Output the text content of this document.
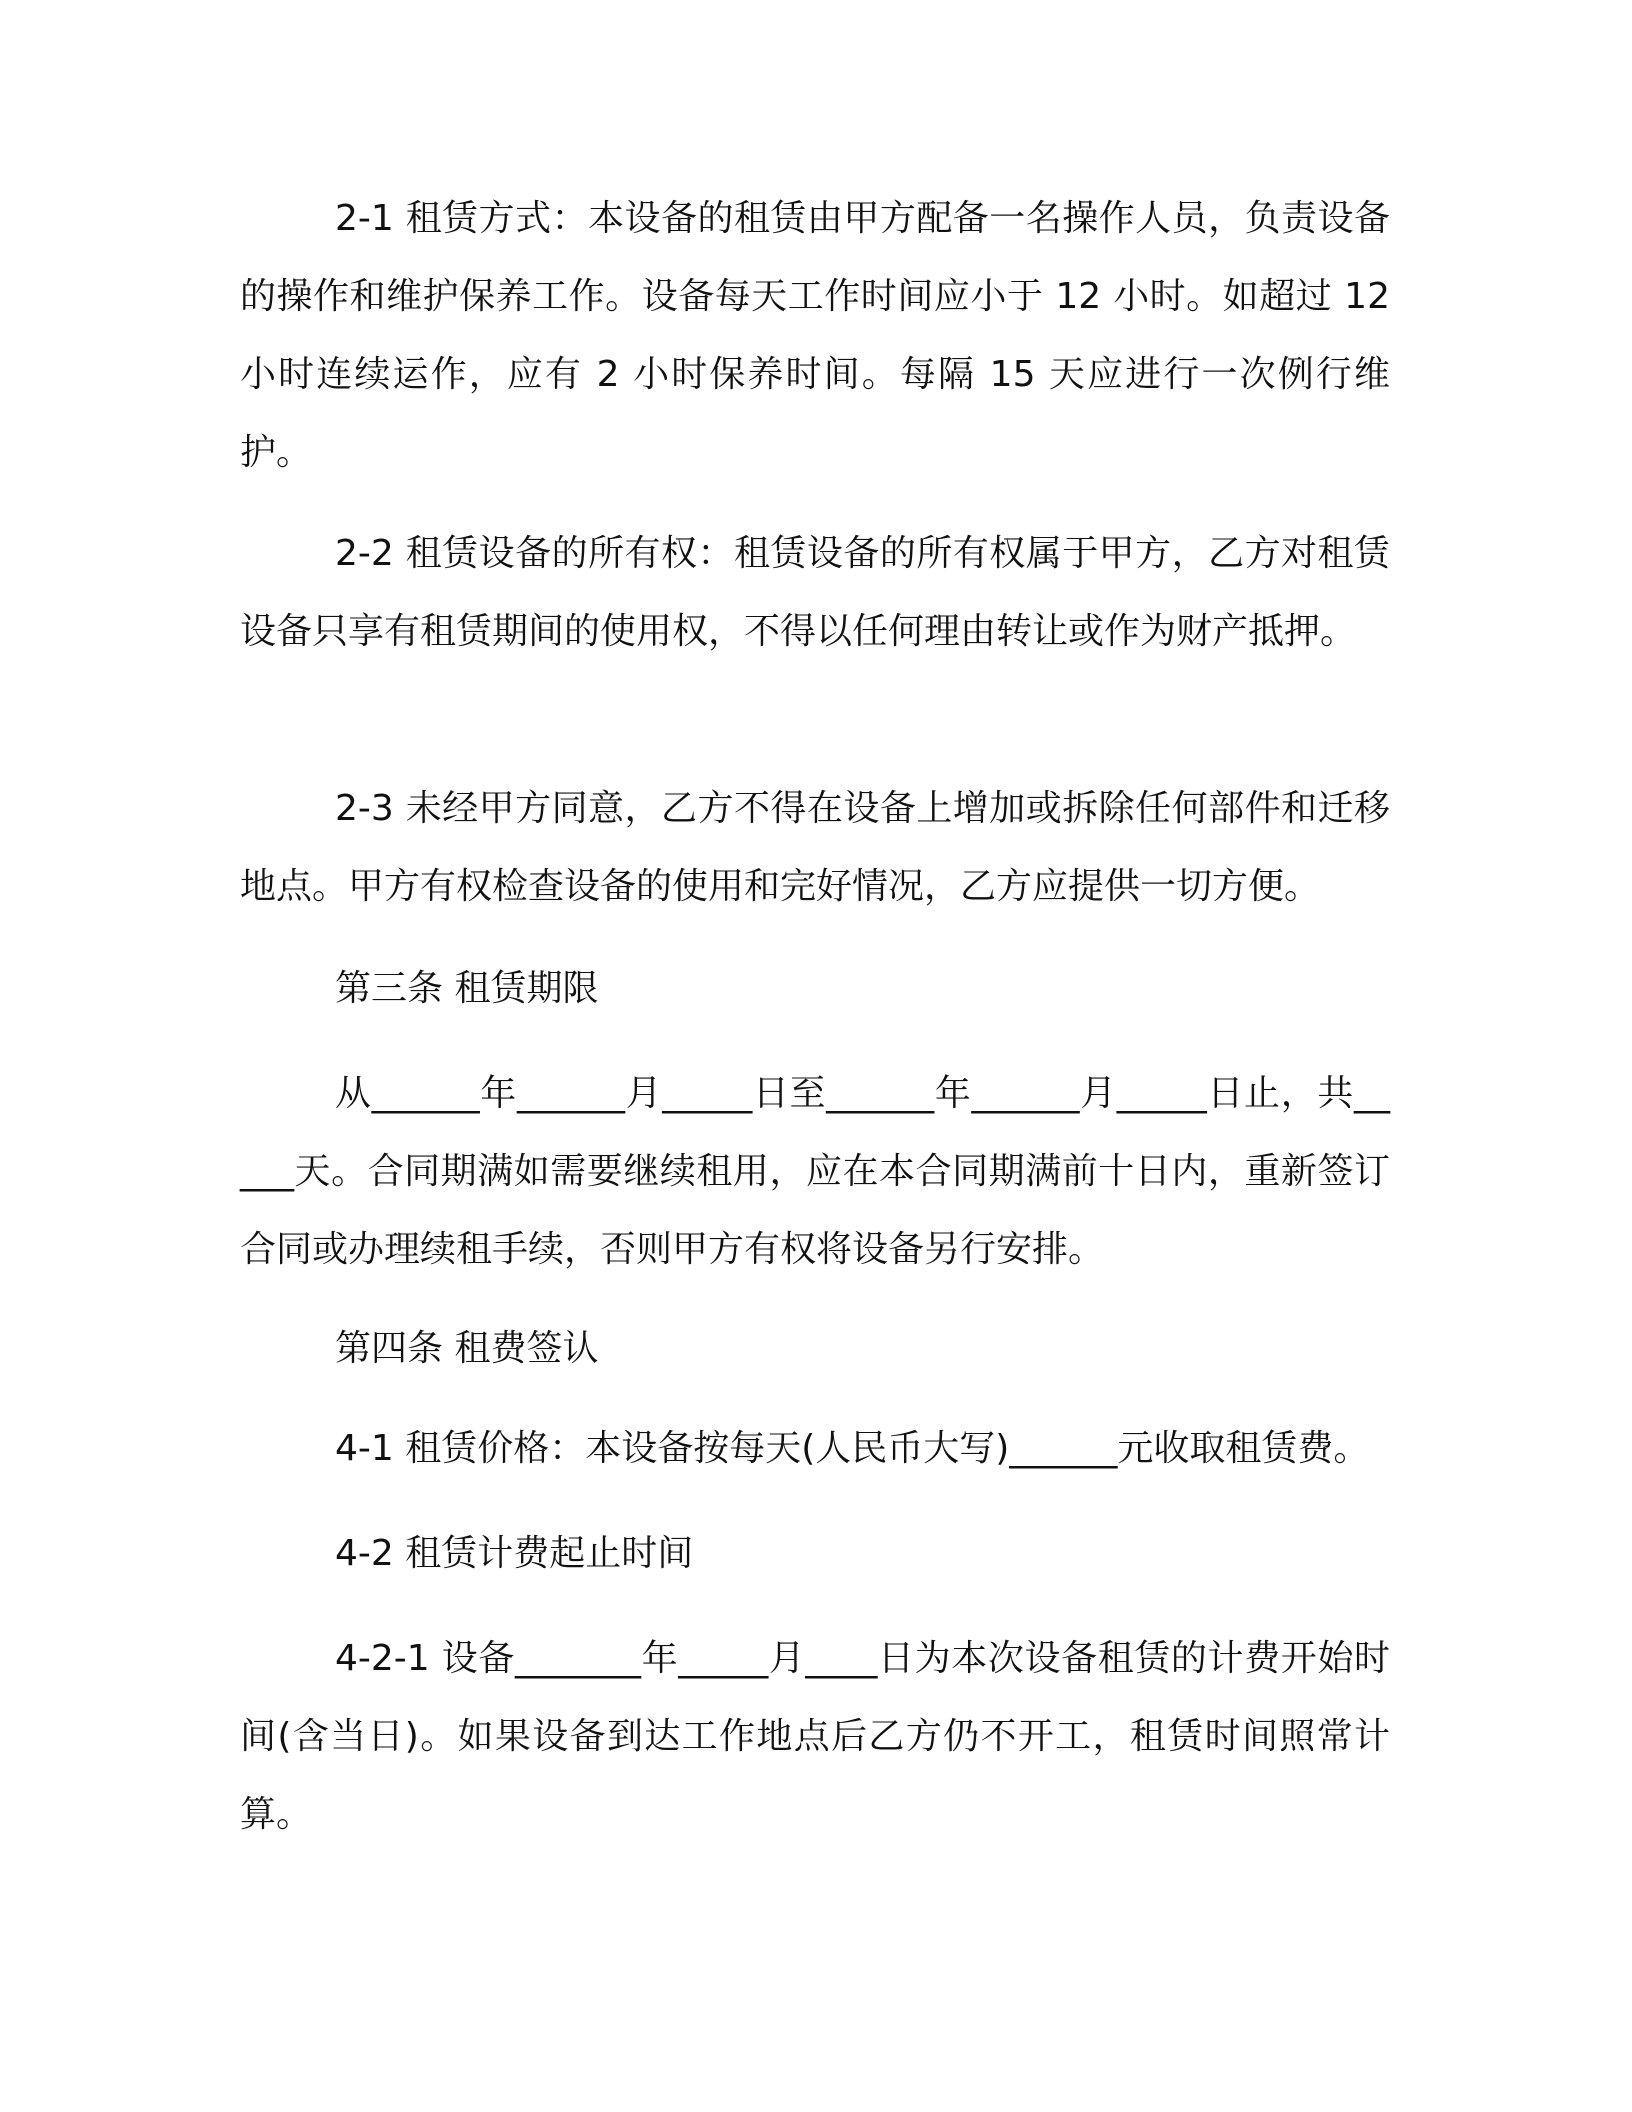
2-1 租赁方式：本设备的租赁由甲方配备一名操作人员，负责设备的操作和维护保养工作。设备每天工作时间应小于 12 小时。如超过 12 小时连续运作，应有 2 小时保养时间。每隔 15 天应进行一次例行维护。

2-2 租赁设备的所有权：租赁设备的所有权属于甲方，乙方对租赁设备只享有租赁期间的使用权，不得以任何理由转让或作为财产抵押。

2-3 未经甲方同意，乙方不得在设备上增加或拆除任何部件和迁移地点。甲方有权检查设备的使用和完好情况，乙方应提供一切方便。

第三条 租赁期限

从______年______月_____日至______年______月_____日止，共_____天。合同期满如需要继续租用，应在本合同期满前十日内，重新签订合同或办理续租手续，否则甲方有权将设备另行安排。

第四条 租费签认

4-1 租赁价格：本设备按每天(人民币大写)______元收取租赁费。

4-2 租赁计费起止时间

4-2-1 设备_______年_____月____日为本次设备租赁的计费开始时间(含当日)。如果设备到达工作地点后乙方仍不开工，租赁时间照常计算。
